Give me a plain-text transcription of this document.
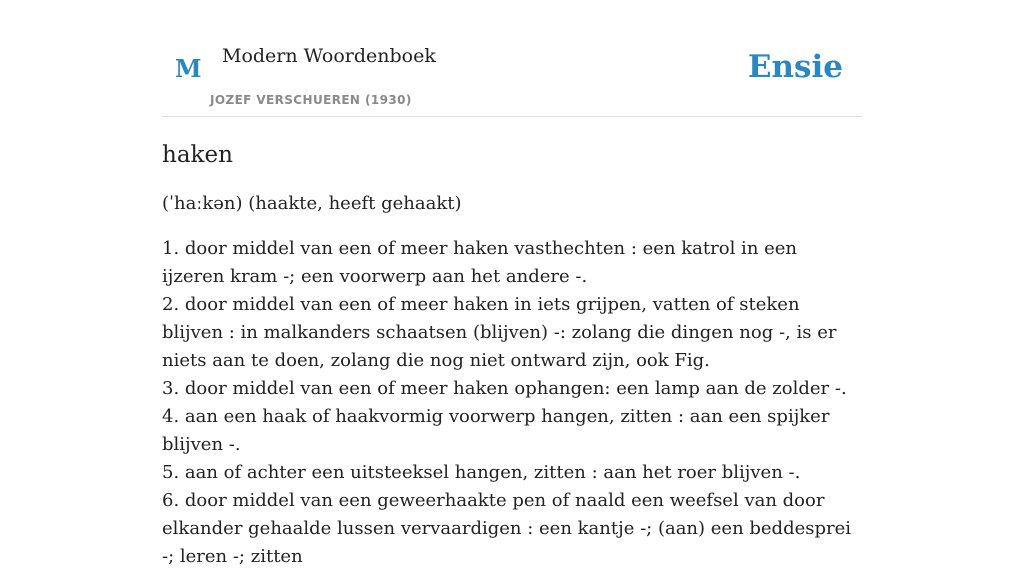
M Modern Woordenboek
JOZEF VERSCHUEREN (1930)
Ensie
haken
(ˈhaːkən) (haakte, heeft gehaakt)
1. door middel van een of meer haken vasthechten : een katrol in een ijzeren kram -; een voorwerp aan het andere -.
2. door middel van een of meer haken in iets grijpen, vatten of steken blijven : in malkanders schaatsen (blijven) -: zolang die dingen nog -, is er niets aan te doen, zolang die nog niet ontward zijn, ook Fig.
3. door middel van een of meer haken ophangen: een lamp aan de zolder -.
4. aan een haak of haakvormig voorwerp hangen, zitten : aan een spijker blijven -.
5. aan of achter een uitsteeksel hangen, zitten : aan het roer blijven -.
6. door middel van een geweerhaakte pen of naald een weefsel van door elkander gehaalde lussen vervaardigen : een kantje -; (aan) een beddesprei -; leren -; zitten
